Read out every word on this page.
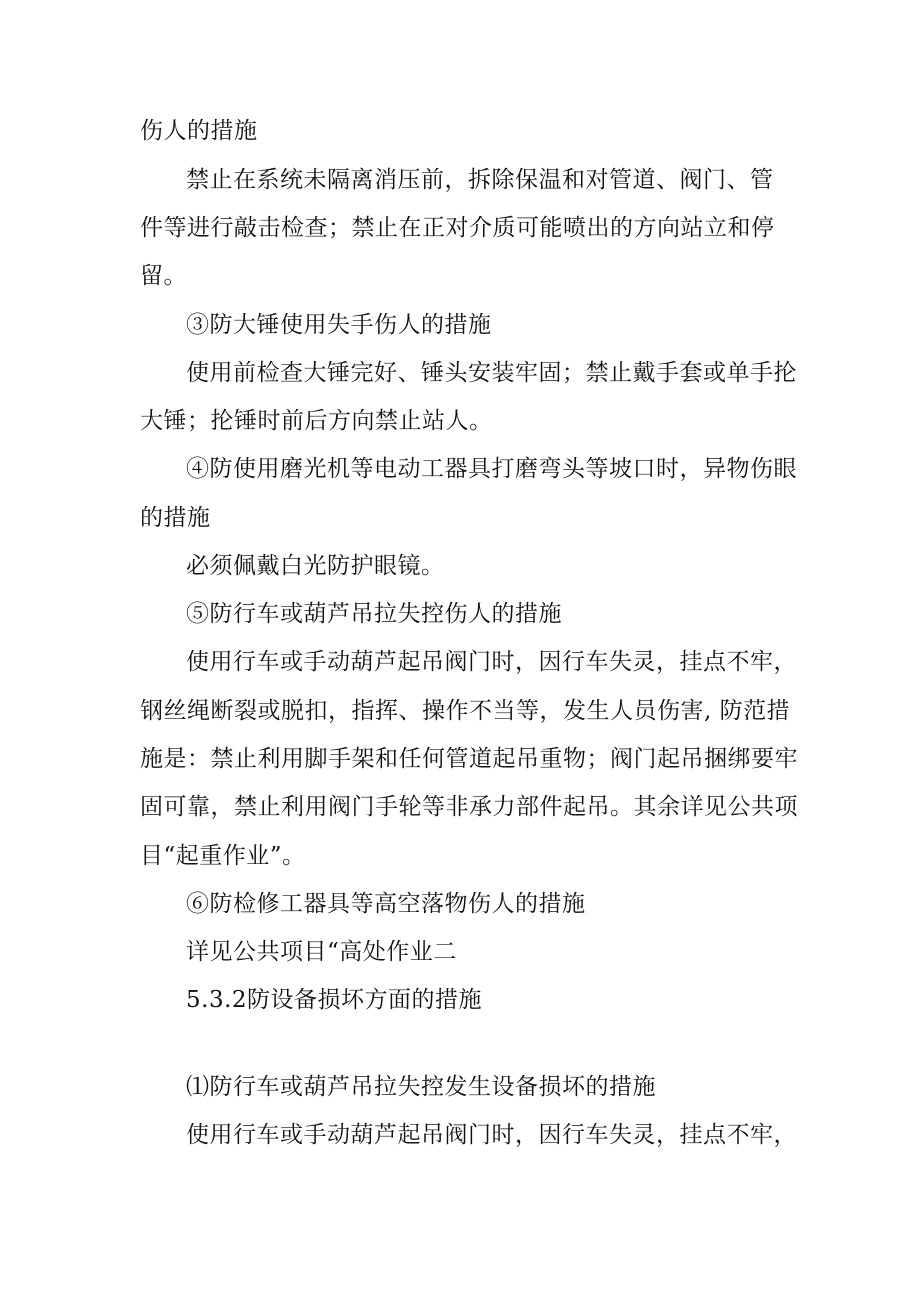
伤人的措施
禁止在系统未隔离消压前，拆除保温和对管道、阀门、管
件等进行敲击检查；禁止在正对介质可能喷出的方向站立和停
留。
③防大锤使用失手伤人的措施
使用前检查大锤完好、锤头安装牢固；禁止戴手套或单手抡
大锤；抡锤时前后方向禁止站人。
④防使用磨光机等电动工器具打磨弯头等坡口时，异物伤眼
的措施
必须佩戴白光防护眼镜。
⑤防行车或葫芦吊拉失控伤人的措施
使用行车或手动葫芦起吊阀门时，因行车失灵，挂点不牢，
钢丝绳断裂或脱扣，指挥、操作不当等，发生人员伤害, 防范措
施是：禁止利用脚手架和任何管道起吊重物；阀门起吊捆绑要牢
固可靠，禁止利用阀门手轮等非承力部件起吊。其余详见公共项
目“起重作业”。
⑥防检修工器具等高空落物伤人的措施
详见公共项目“高处作业二
5.3.2防设备损坏方面的措施
⑴防行车或葫芦吊拉失控发生设备损坏的措施
使用行车或手动葫芦起吊阀门时，因行车失灵，挂点不牢，
